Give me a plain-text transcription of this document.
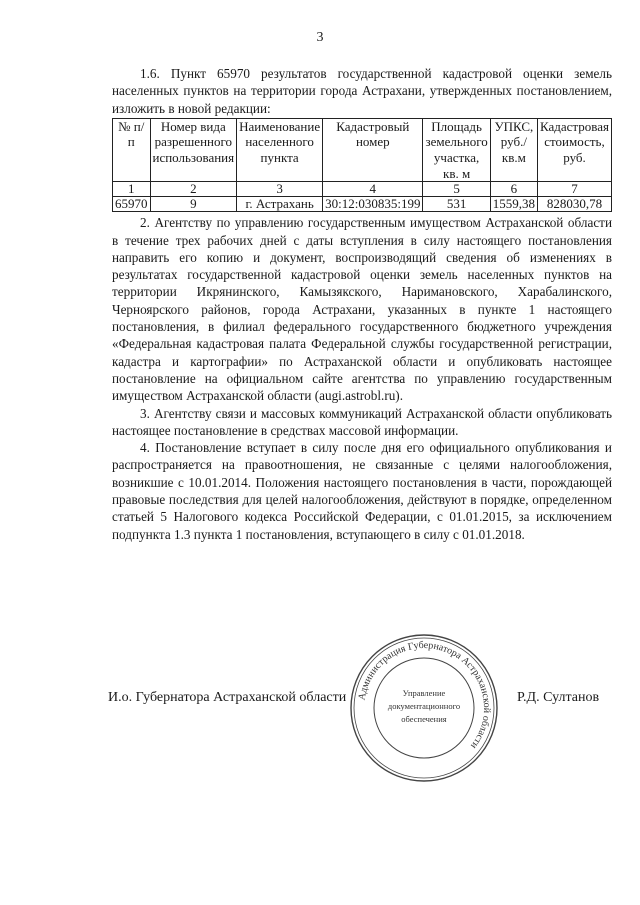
3

1.6. Пункт 65970 результатов государственной кадастровой оценки земель населенных пунктов на территории города Астрахани, утвержденных постановлением, изложить в новой редакции:

№ п/п	Номер вида разрешенного использования	Наименование населенного пункта	Кадастровый номер	Площадь земельного участка, кв. м	УПКС, руб./ кв.м	Кадастровая стоимость, руб.
1	2	3	4	5	6	7
65970	9	г. Астрахань	30:12:030835:199	531	1559,38	828030,78

2. Агентству по управлению государственным имуществом Астраханской области в течение трех рабочих дней с даты вступления в силу настоящего постановления направить его копию и документ, воспроизводящий сведения об изменениях в результатах государственной кадастровой оценки земель населенных пунктов на территории Икрянинского, Камызякского, Наримановского, Харабалинского, Черноярского районов, города Астрахани, указанных в пункте 1 настоящего постановления, в филиал федерального государственного бюджетного учреждения «Федеральная кадастровая палата Федеральной службы государственной регистрации, кадастра и картографии» по Астраханской области и опубликовать настоящее постановление на официальном сайте агентства по управлению государственным имуществом Астраханской области (augi.astrobl.ru).

3. Агентству связи и массовых коммуникаций Астраханской области опубликовать настоящее постановление в средствах массовой информации.

4. Постановление вступает в силу после дня его официального опубликования и распространяется на правоотношения, не связанные с целями налогообложения, возникшие с 10.01.2014. Положения настоящего постановления в части, порождающей правовые последствия для целей налогообложения, действуют в порядке, определенном статьей 5 Налогового кодекса Российской Федерации, с 01.01.2015, за исключением подпункта 1.3 пункта 1 постановления, вступающего в силу с 01.01.2018.

И.о. Губернатора Астраханской области	Р.Д. Султанов
Администрация Губернатора Астраханской области
Управление
документационного
обеспечения
